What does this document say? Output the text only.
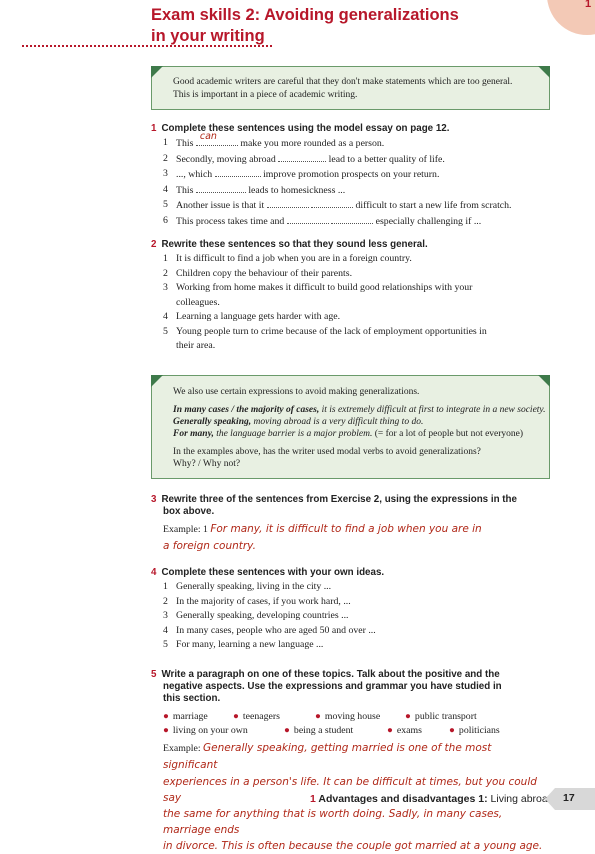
1
Exam skills 2: Avoiding generalizations
in your writing
Good academic writers are careful that they don't make statements which are too general.
This is important in a piece of academic writing.
1 Complete these sentences using the model essay on page 12.
1 This
can
make you more rounded as a person.
2 Secondly, moving abroad	lead to a better quality of life.
3 ..., which	improve promotion prospects on your return.
4 This	leads to homesickness ...
5 Another issue is that it	difficult to start a new life from scratch.
6 This process takes time and	especially challenging if ...
2 Rewrite these sentences so that they sound less general.
1 It is difficult to find a job when you are in a foreign country.
2 Children copy the behaviour of their parents.
3 Working from home makes it difficult to build good relationships with your
colleagues.
4 Learning a language gets harder with age.
5 Young people turn to crime because of the lack of employment opportunities in
their area.
We also use certain expressions to avoid making generalizations.
In many cases / the majority of cases, it is extremely difficult at first to integrate in a new society.
Generally speaking, moving abroad is a very difficult thing to do.
For many, the language barrier is a major problem. (= for a lot of people but not everyone)
In the examples above, has the writer used modal verbs to avoid generalizations?
Why? / Why not?
3 Rewrite three of the sentences from Exercise 2, using the expressions in the
box above.
Example: 1 For many, it is difficult to find a job when you are in
a foreign country.
4 Complete these sentences with your own ideas.
1 Generally speaking, living in the city ...
2 In the majority of cases, if you work hard, ...
3 Generally speaking, developing countries ...
4 In many cases, people who are aged 50 and over ...
5 For many, learning a new language ...
5 Write a paragraph on one of these topics. Talk about the positive and the
negative aspects. Use the expressions and grammar you have studied in
this section.
● marriage	● teenagers	● moving house	● public transport
● living on your own	● being a student	● exams	● politicians
Example: Generally speaking, getting married is one of the most significant
experiences in a person's life. It can be difficult at times, but you could say
the same for anything that is worth doing. Sadly, in many cases, marriage ends
in divorce. This is often because the couple got married at a young age.
1 Advantages and disadvantages 1: Living abroad 17
